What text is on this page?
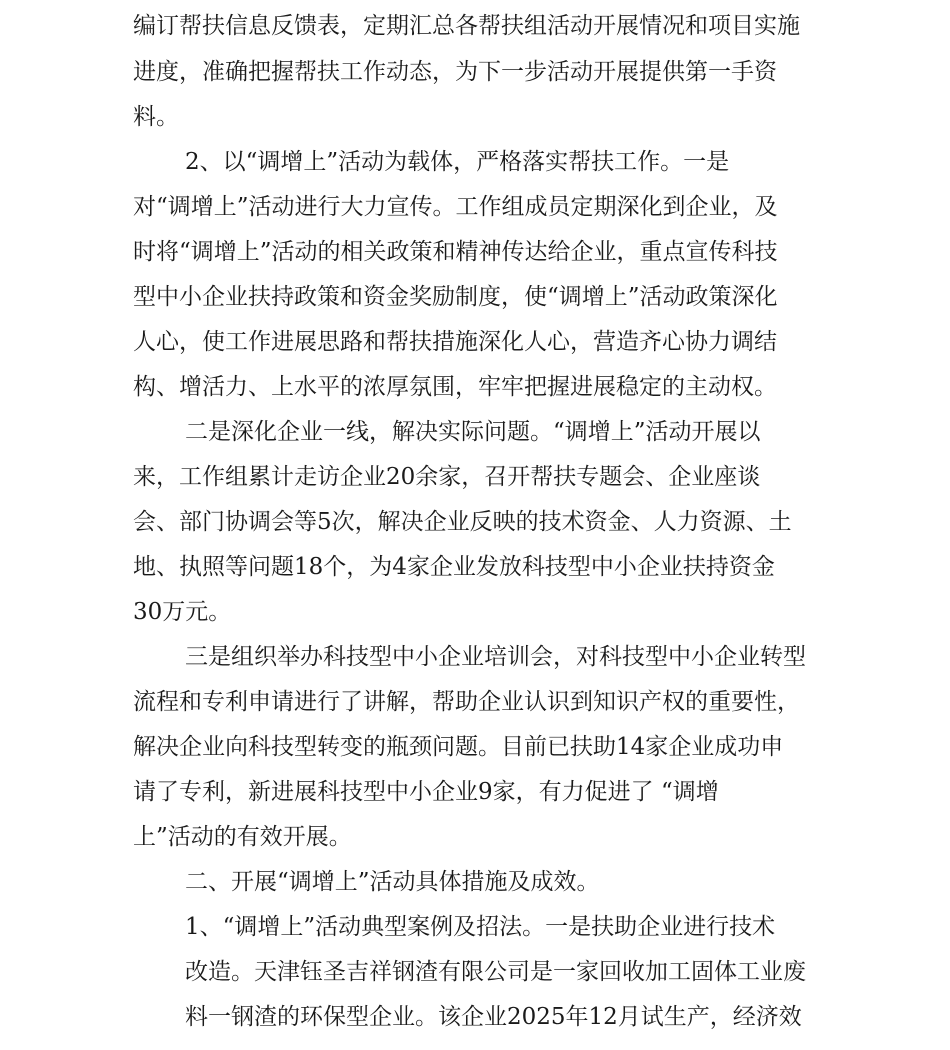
编订帮扶信息反馈表，定期汇总各帮扶组活动开展情况和项目实施
进度，准确把握帮扶工作动态，为下一步活动开展提供第一手资
料。
2、以“调增上”活动为载体，严格落实帮扶工作。一是
对“调增上”活动进行大力宣传。工作组成员定期深化到企业，及
时将“调增上”活动的相关政策和精神传达给企业，重点宣传科技
型中小企业扶持政策和资金奖励制度，使“调增上”活动政策深化
人心，使工作进展思路和帮扶措施深化人心，营造齐心协力调结
构、增活力、上水平的浓厚氛围，牢牢把握进展稳定的主动权。
二是深化企业一线，解决实际问题。“调增上”活动开展以
来，工作组累计走访企业20余家，召开帮扶专题会、企业座谈
会、部门协调会等5次，解决企业反映的技术资金、人力资源、土
地、执照等问题18个，为4家企业发放科技型中小企业扶持资金
30万元。
三是组织举办科技型中小企业培训会，对科技型中小企业转型
流程和专利申请进行了讲解，帮助企业认识到知识产权的重要性，
解决企业向科技型转变的瓶颈问题。目前已扶助14家企业成功申
请了专利，新进展科技型中小企业9家，有力促进了 “调增
上”活动的有效开展。
二、开展“调增上”活动具体措施及成效。
1、“调增上”活动典型案例及招法。一是扶助企业进行技术
改造。天津钰圣吉祥钢渣有限公司是一家回收加工固体工业废
料一钢渣的环保型企业。该企业2025年12月试生产，经济效
